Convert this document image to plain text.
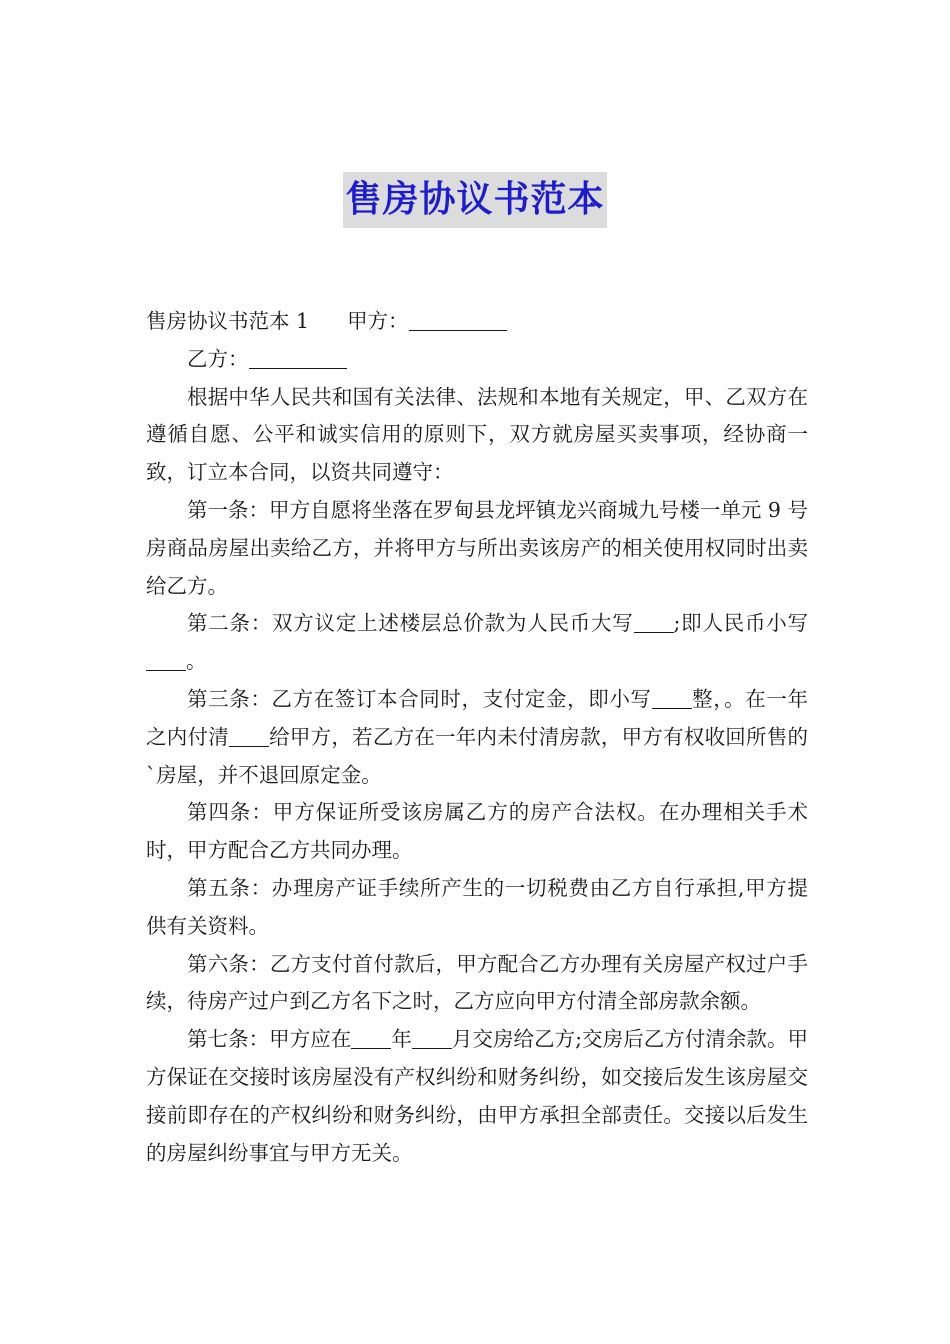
售房协议书范本

售房协议书范本 1 甲方：

乙方：

根据中华人民共和国有关法律、法规和本地有关规定，甲、乙双方在遵循自愿、公平和诚实信用的原则下，双方就房屋买卖事项，经协商一致，订立本合同，以资共同遵守：

第一条：甲方自愿将坐落在罗甸县龙坪镇龙兴商城九号楼一单元 9 号房商品房屋出卖给乙方，并将甲方与所出卖该房产的相关使用权同时出卖给乙方。

第二条：双方议定上述楼层总价款为人民币大写 ;即人民币小写。

第三条：乙方在签订本合同时，支付定金，即小写 整，。在一年之内付清 给甲方，若乙方在一年内未付清房款，甲方有权收回所售的`房屋，并不退回原定金。

第四条：甲方保证所受该房属乙方的房产合法权。在办理相关手术时，甲方配合乙方共同办理。

第五条：办理房产证手续所产生的一切税费由乙方自行承担,甲方提供有关资料。

第六条：乙方支付首付款后，甲方配合乙方办理有关房屋产权过户手续，待房产过户到乙方名下之时，乙方应向甲方付清全部房款余额。

第七条：甲方应在 年 月交房给乙方;交房后乙方付清余款。甲方保证在交接时该房屋没有产权纠纷和财务纠纷，如交接后发生该房屋交接前即存在的产权纠纷和财务纠纷，由甲方承担全部责任。交接以后发生的房屋纠纷事宜与甲方无关。
